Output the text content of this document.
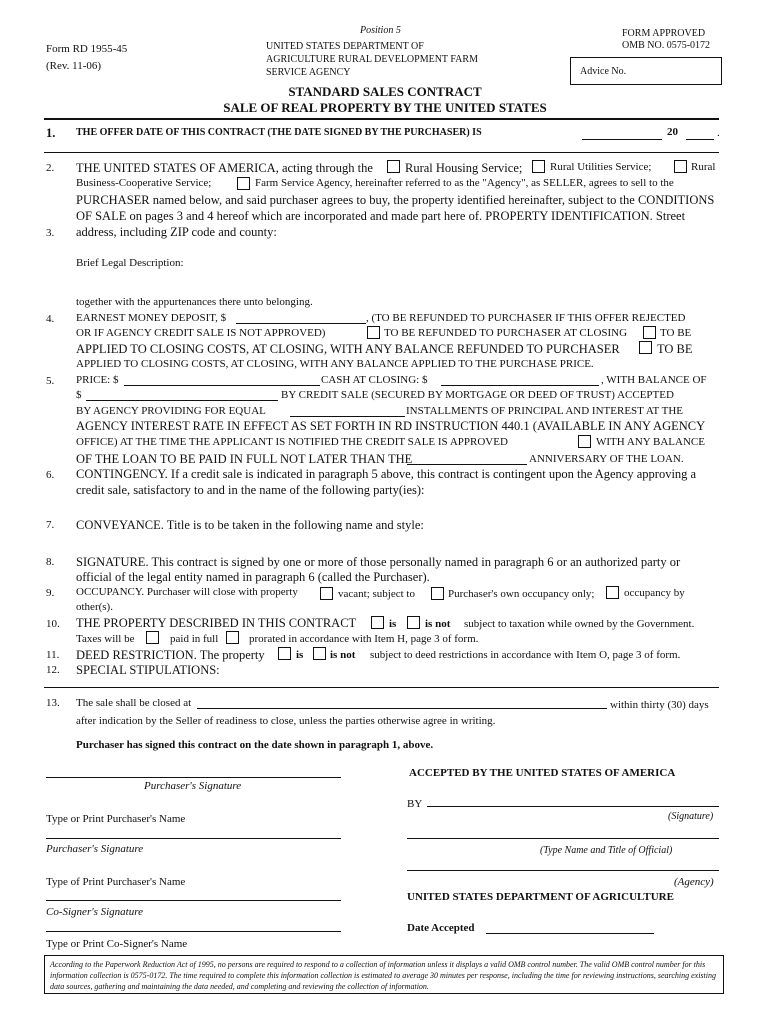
Position 5
Form RD 1955-45
(Rev. 11-06)
UNITED STATES DEPARTMENT OF
AGRICULTURE RURAL DEVELOPMENT FARM
SERVICE AGENCY
FORM APPROVED
OMB NO. 0575-0172
Advice No.
STANDARD SALES CONTRACT
SALE OF REAL PROPERTY BY THE UNITED STATES
1. THE OFFER DATE OF THIS CONTRACT (THE DATE SIGNED BY THE PURCHASER) IS	20	.
2. THE UNITED STATES OF AMERICA, acting through the	Rural Housing Service;	Rural Utilities Service;	Rural
Business-Cooperative Service;	Farm Service Agency, hereinafter referred to as the "Agency", as SELLER, agrees to sell to the
PURCHASER named below, and said purchaser agrees to buy, the property identified hereinafter, subject to the CONDITIONS
OF SALE on pages 3 and 4 hereof which are incorporated and made part here of. PROPERTY IDENTIFICATION. Street
3. address, including ZIP code and county:
Brief Legal Description:
together with the appurtenances there unto belonging.
4. EARNEST MONEY DEPOSIT, $	, (TO BE REFUNDED TO PURCHASER IF THIS OFFER REJECTED
OR IF AGENCY CREDIT SALE IS NOT APPROVED)	TO BE REFUNDED TO PURCHASER AT CLOSING	TO BE
APPLIED TO CLOSING COSTS, AT CLOSING, WITH ANY BALANCE REFUNDED TO PURCHASER	TO BE
APPLIED TO CLOSING COSTS, AT CLOSING, WITH ANY BALANCE APPLIED TO THE PURCHASE PRICE.
5. PRICE: $	CASH AT CLOSING: $	, WITH BALANCE OF
$	BY CREDIT SALE (SECURED BY MORTGAGE OR DEED OF TRUST) ACCEPTED
BY AGENCY PROVIDING FOR EQUAL	INSTALLMENTS OF PRINCIPAL AND INTEREST AT THE
AGENCY INTEREST RATE IN EFFECT AS SET FORTH IN RD INSTRUCTION 440.1 (AVAILABLE IN ANY AGENCY
OFFICE) AT THE TIME THE APPLICANT IS NOTIFIED THE CREDIT SALE IS APPROVED	WITH ANY BALANCE
OF THE LOAN TO BE PAID IN FULL NOT LATER THAN THE	ANNIVERSARY OF THE LOAN.
6. CONTINGENCY. If a credit sale is indicated in paragraph 5 above, this contract is contingent upon the Agency approving a
credit sale, satisfactory to and in the name of the following party(ies):
7. CONVEYANCE. Title is to be taken in the following name and style:
8. SIGNATURE. This contract is signed by one or more of those personally named in paragraph 6 or an authorized party or
official of the legal entity named in paragraph 6 (called the Purchaser).
9. OCCUPANCY. Purchaser will close with property	vacant; subject to	Purchaser's own occupancy only;	occupancy by
other(s).
10. THE PROPERTY DESCRIBED IN THIS CONTRACT	is	is not subject to taxation while owned by the Government.
Taxes will be	paid in full	prorated in accordance with Item H, page 3 of form.
11. DEED RESTRICTION. The property	is is not subject to deed restrictions in accordance with Item O, page 3 of form.
12. SPECIAL STIPULATIONS:
13. The sale shall be closed at	within thirty (30) days
after indication by the Seller of readiness to close, unless the parties otherwise agree in writing.
Purchaser has signed this contract on the date shown in paragraph 1, above.
Purchaser's Signature
Type or Print Purchaser's Name
Purchaser's Signature
Type of Print Purchaser's Name
Co-Signer's Signature
Type or Print Co-Signer's Name
ACCEPTED BY THE UNITED STATES OF AMERICA
BY
(Signature)
(Type Name and Title of Official)
(Agency)
UNITED STATES DEPARTMENT OF AGRICULTURE
Date Accepted
According to the Paperwork Reduction Act of 1995, no persons are required to respond to a collection of information unless it displays a valid OMB control number. The valid OMB control number for this information collection is 0575-0172. The time required to complete this information collection is estimated to average 30 minutes per response, including the time for reviewing instructions, searching existing data sources, gathering and maintaining the data needed, and completing and reviewing the collection of information.
